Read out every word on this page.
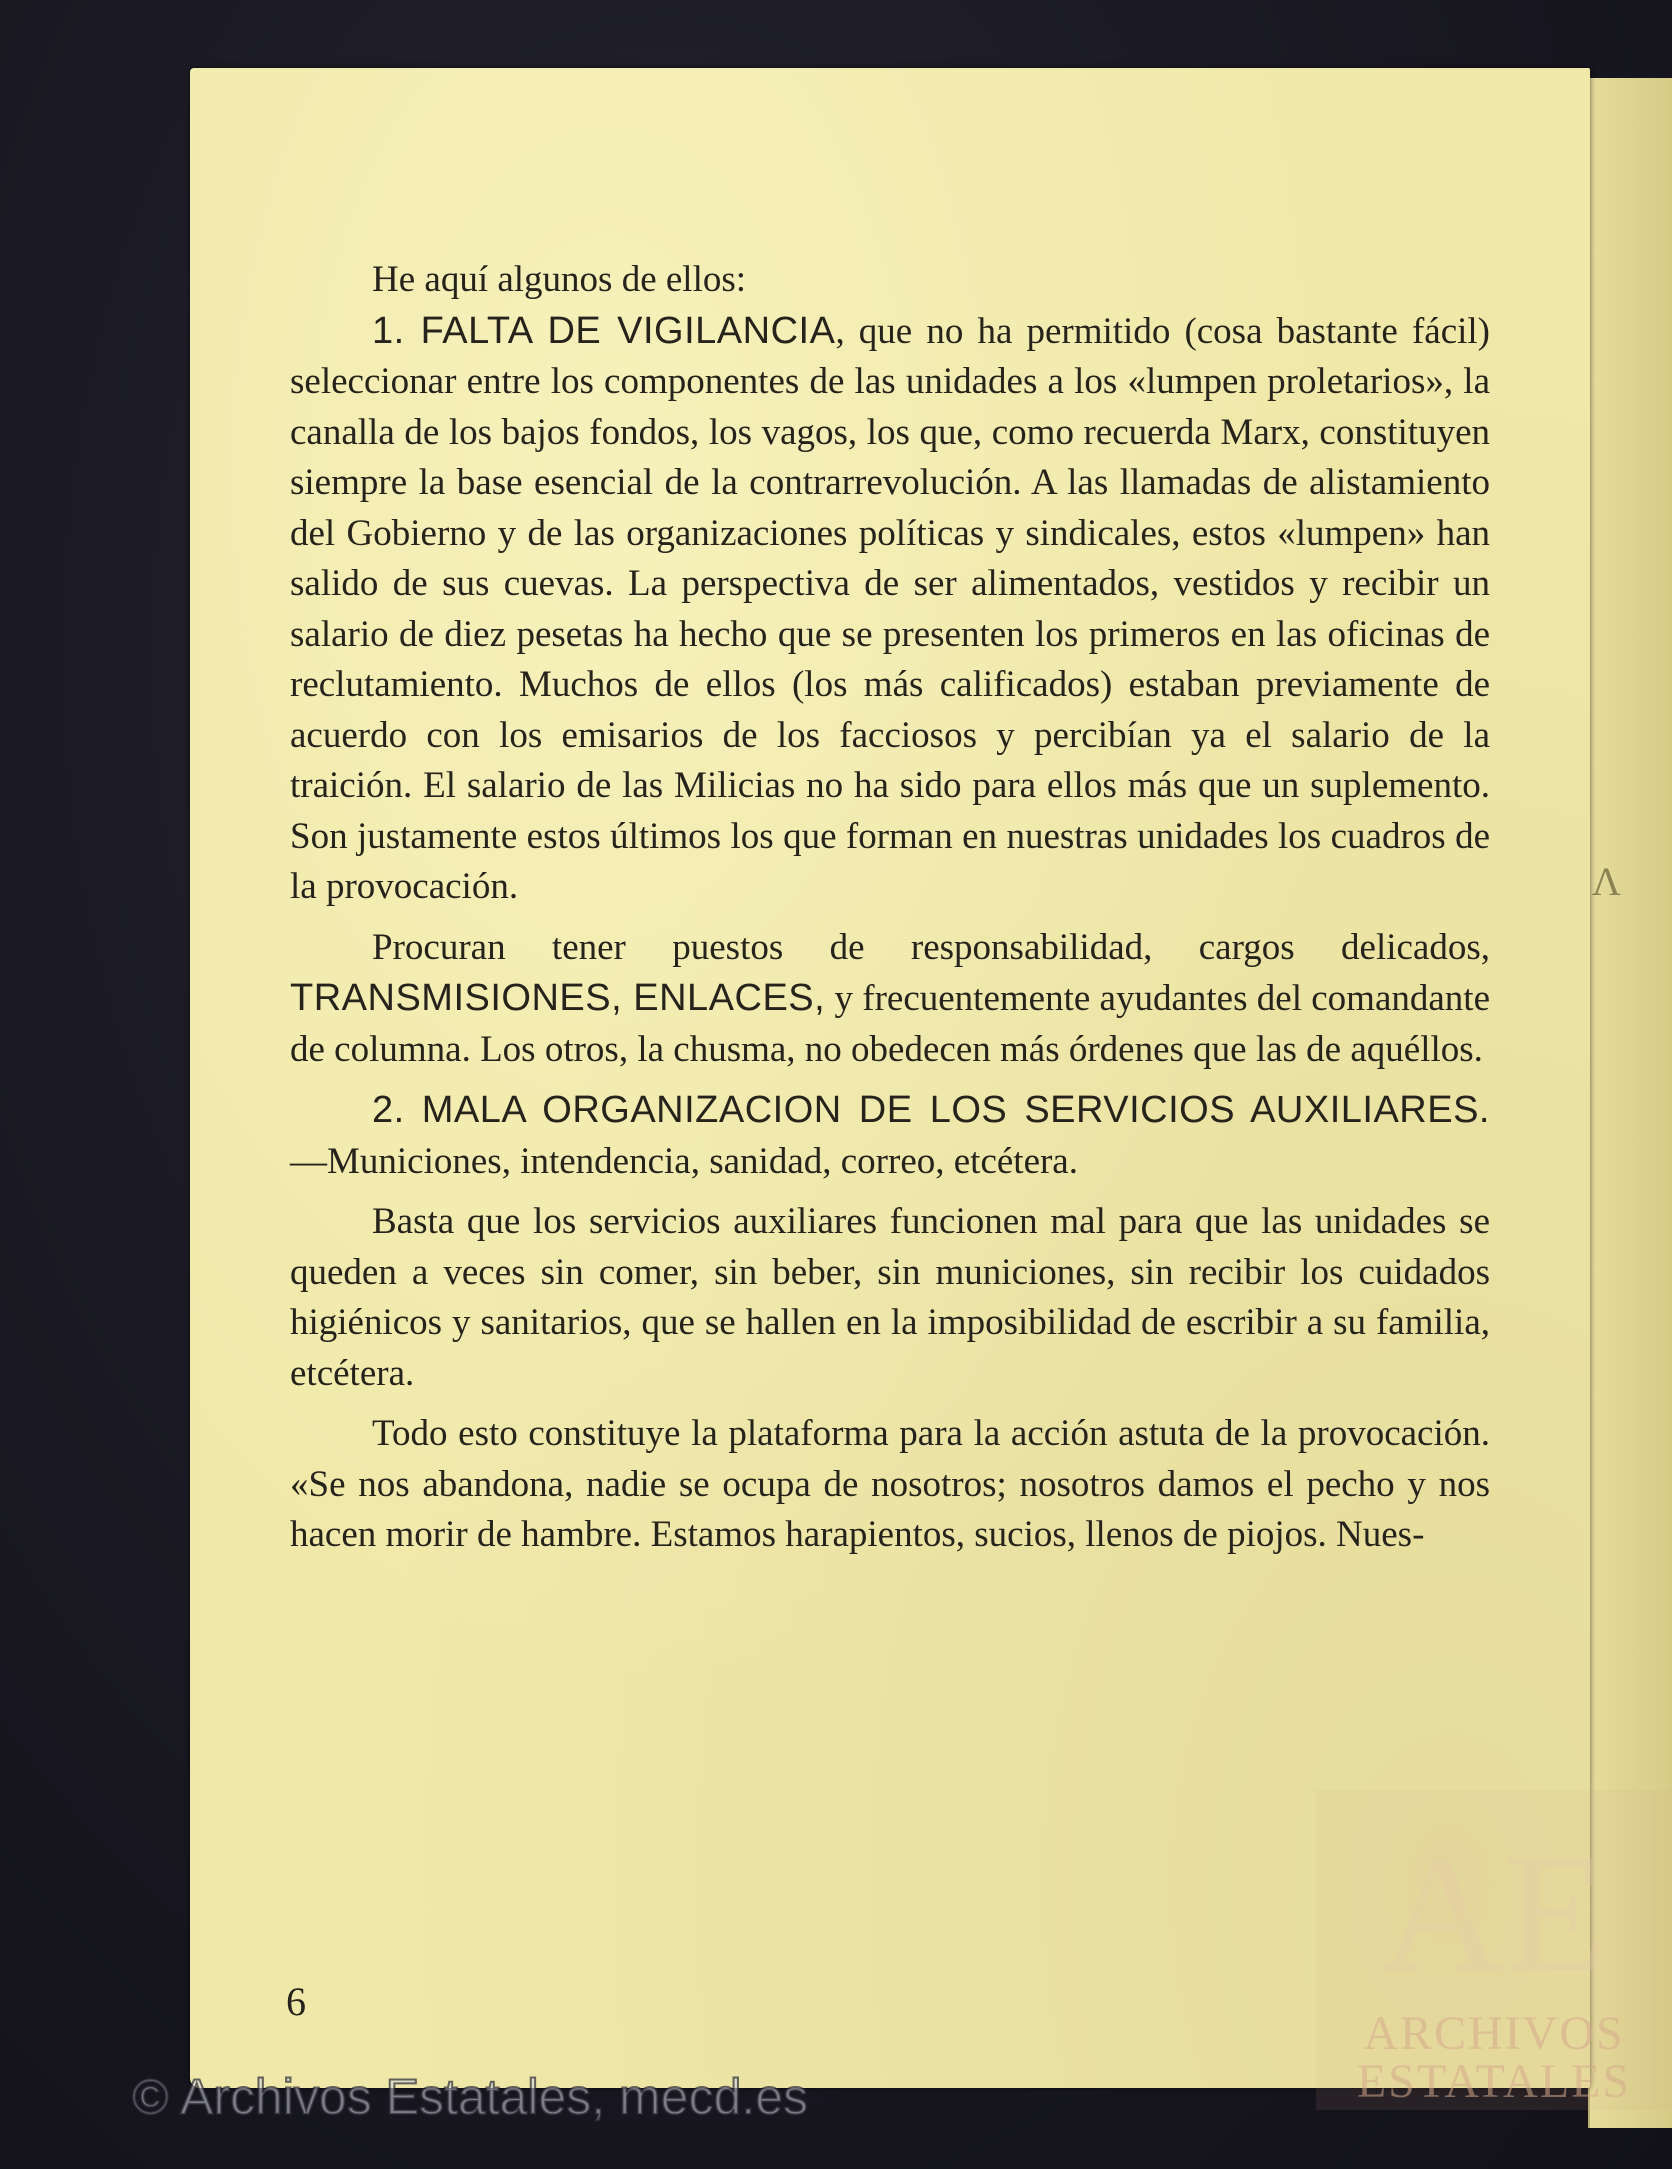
Ʌ

He aquí algunos de ellos:

1. FALTA DE VIGILANCIA, que no ha permitido (cosa bastante fácil) seleccionar entre los componentes de las unidades a los «lumpen proletarios», la canalla de los bajos fondos, los vagos, los que, como recuerda Marx, constituyen siempre la base esencial de la contrarrevolución. A las llamadas de alistamiento del Gobierno y de las organizaciones políticas y sindicales, estos «lumpen» han salido de sus cuevas. La perspectiva de ser alimentados, vestidos y recibir un salario de diez pesetas ha hecho que se presenten los primeros en las oficinas de reclutamiento. Muchos de ellos (los más calificados) estaban previamente de acuerdo con los emisarios de los facciosos y percibían ya el salario de la traición. El salario de las Milicias no ha sido para ellos más que un suplemento. Son justamente estos últimos los que forman en nuestras unidades los cuadros de la provocación.

Procuran tener puestos de responsabilidad, cargos delicados, TRANSMISIONES, ENLACES, y frecuentemente ayudantes del comandante de columna. Los otros, la chusma, no obedecen más órdenes que las de aquéllos.

2. MALA ORGANIZACION DE LOS SERVICIOS AUXILIARES.—Municiones, intendencia, sanidad, correo, etcétera.

Basta que los servicios auxiliares funcionen mal para que las unidades se queden a veces sin comer, sin beber, sin municiones, sin recibir los cuidados higiénicos y sanitarios, que se hallen en la imposibilidad de escribir a su familia, etcétera.

Todo esto constituye la plataforma para la acción astuta de la provocación. «Se nos abandona, nadie se ocupa de nosotros; nosotros damos el pecho y nos hacen morir de hambre. Estamos harapientos, sucios, llenos de piojos. Nues-

6	AE
ARCHIVOS
ESTATALES
© Archivos Estatales, mecd.es
